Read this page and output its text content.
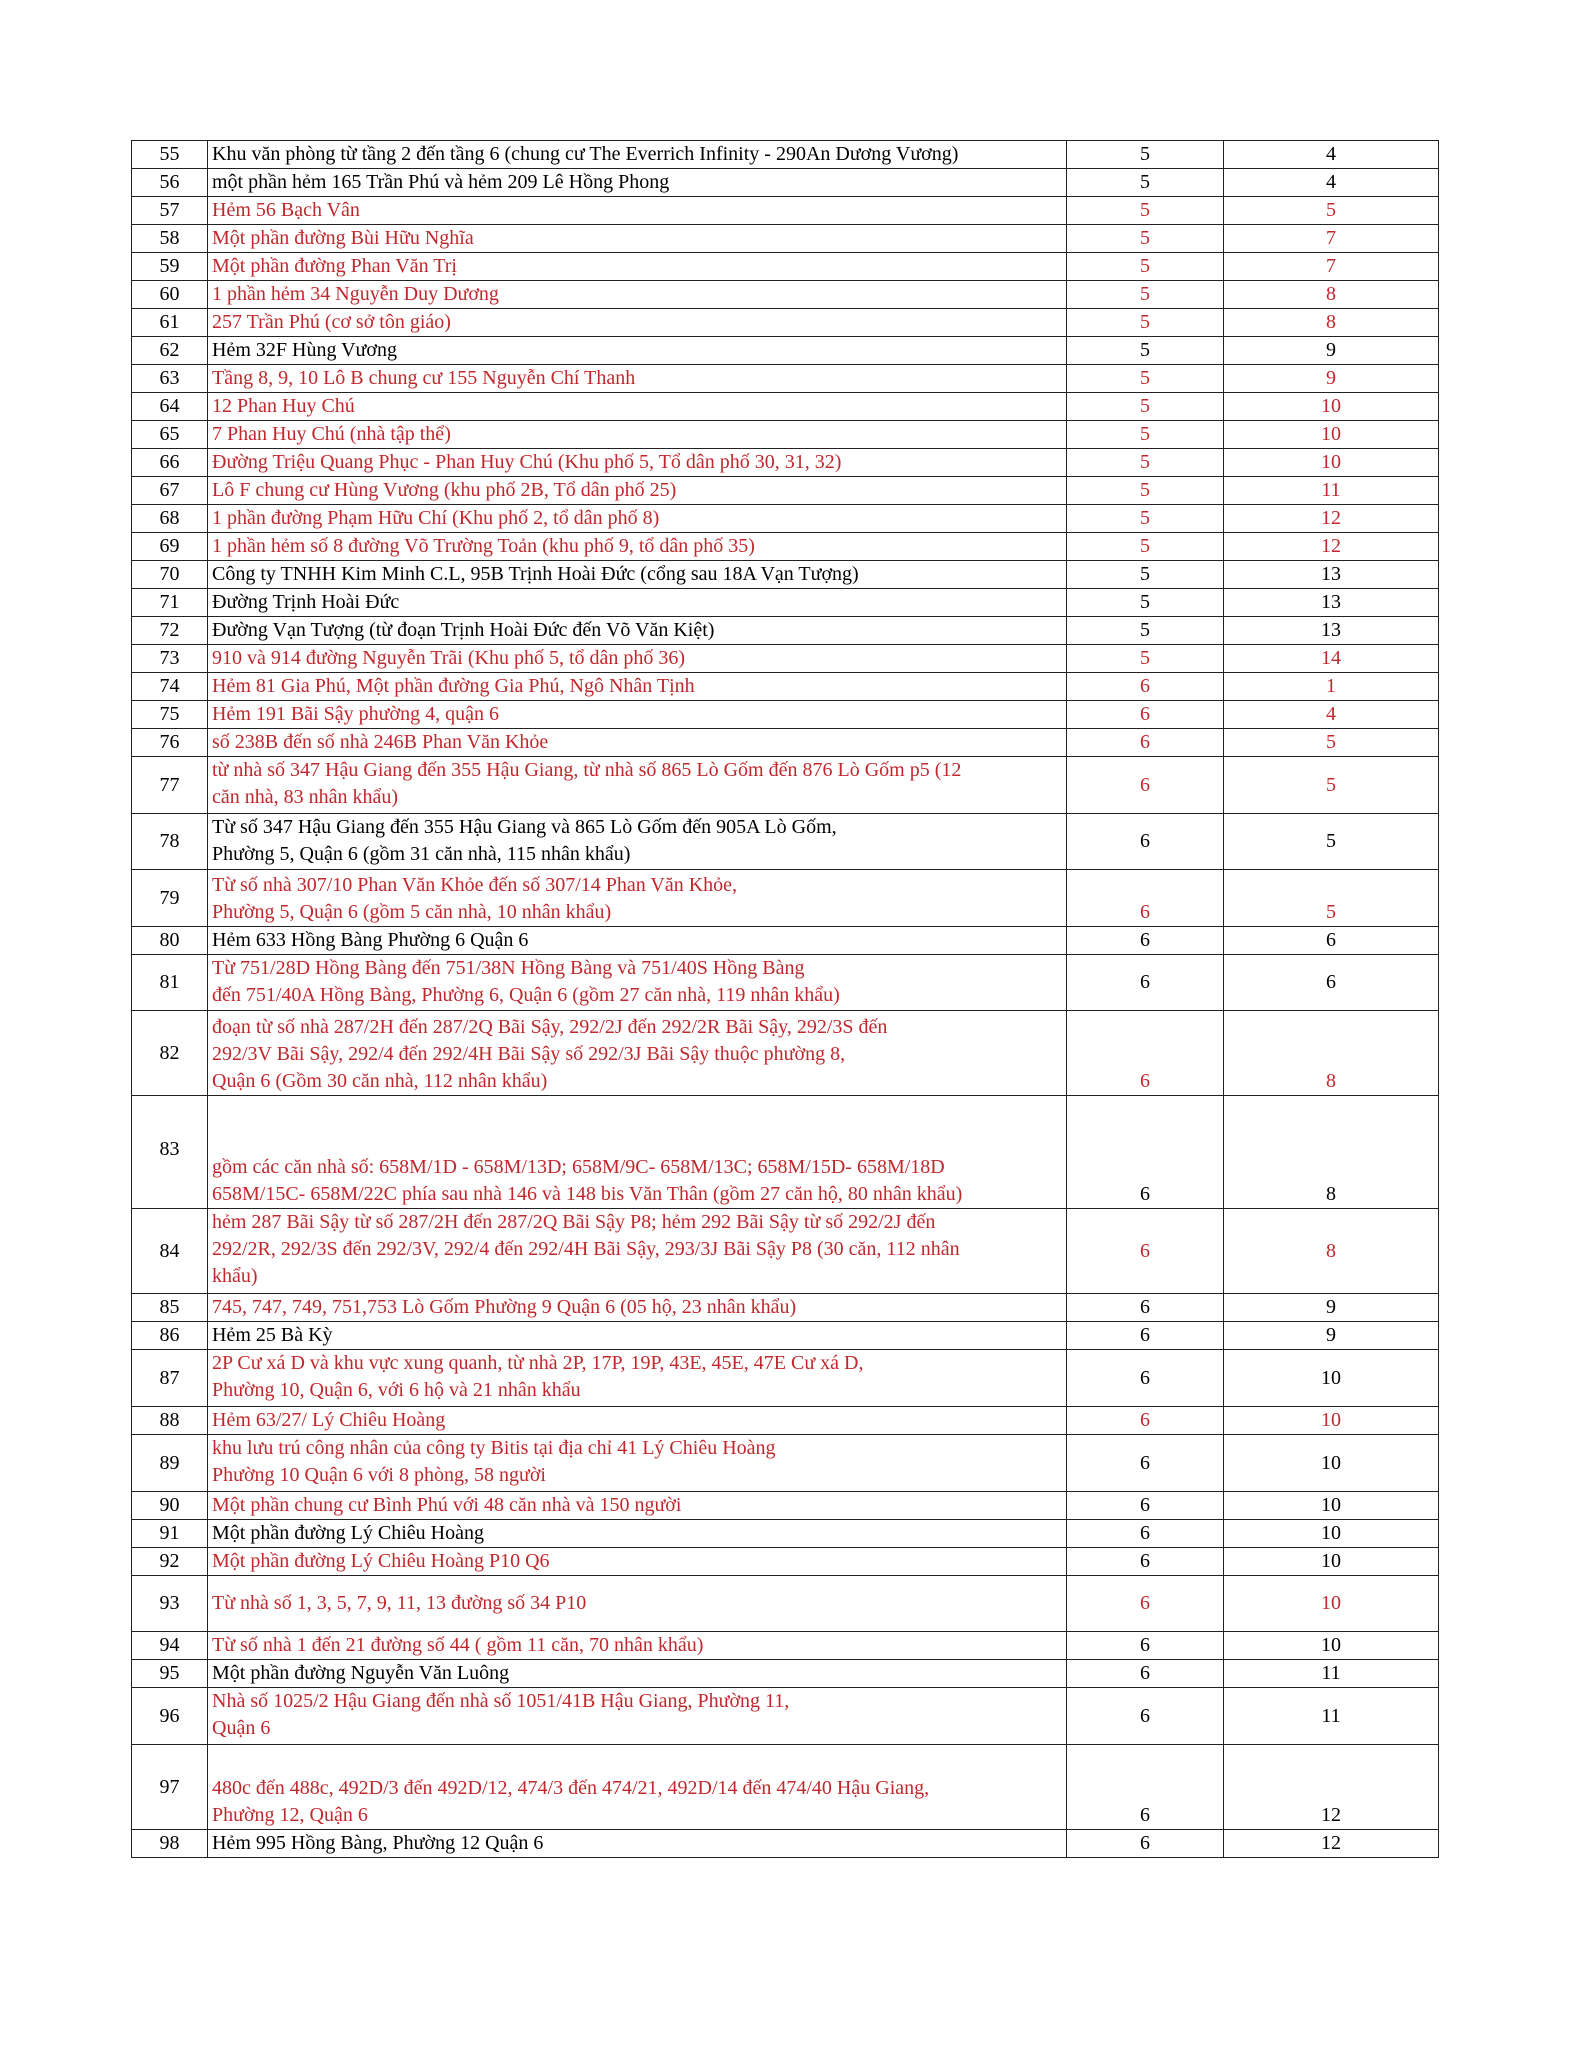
55	Khu văn phòng từ tầng 2 đến tầng 6 (chung cư The Everrich Infinity - 290An Dương Vương)	5	4
56	một phần hẻm 165 Trần Phú và hẻm 209 Lê Hồng Phong	5	4
57	Hẻm 56 Bạch Vân	5	5
58	Một phần đường Bùi Hữu Nghĩa	5	7
59	Một phần đường Phan Văn Trị	5	7
60	1 phần hẻm 34 Nguyễn Duy Dương	5	8
61	257 Trần Phú (cơ sở tôn giáo)	5	8
62	Hẻm 32F Hùng Vương	5	9
63	Tầng 8, 9, 10 Lô B chung cư 155 Nguyễn Chí Thanh	5	9
64	12 Phan Huy Chú	5	10
65	7 Phan Huy Chú (nhà tập thể)	5	10
66	Đường Triệu Quang Phục - Phan Huy Chú (Khu phố 5, Tổ dân phố 30, 31, 32)	5	10
67	Lô F chung cư Hùng Vương (khu phố 2B, Tổ dân phố 25)	5	11
68	1 phần đường Phạm Hữu Chí (Khu phố 2, tổ dân phố 8)	5	12
69	1 phần hẻm số 8 đường Võ Trường Toản (khu phố 9, tổ dân phố 35)	5	12
70	Công ty TNHH Kim Minh C.L, 95B Trịnh Hoài Đức (cổng sau 18A Vạn Tượng)	5	13
71	Đường Trịnh Hoài Đức	5	13
72	Đường Vạn Tượng (từ đoạn Trịnh Hoài Đức đến Võ Văn Kiệt)	5	13
73	910 và 914 đường Nguyễn Trãi (Khu phố 5, tổ dân phố 36)	5	14
74	Hẻm 81 Gia Phú, Một phần đường Gia Phú, Ngô Nhân Tịnh	6	1
75	Hẻm 191 Bãi Sậy phường 4, quận 6	6	4
76	số 238B đến số nhà 246B Phan Văn Khỏe	6	5
77	từ nhà số 347 Hậu Giang đến 355 Hậu Giang, từ nhà số 865 Lò Gốm đến 876 Lò Gốm p5 (12
căn nhà, 83 nhân khẩu)	6	5
78	Từ số 347 Hậu Giang đến 355 Hậu Giang và 865 Lò Gốm đến 905A Lò Gốm,
Phường 5, Quận 6 (gồm 31 căn nhà, 115 nhân khẩu)	6	5
79	Từ số nhà 307/10 Phan Văn Khỏe đến số 307/14 Phan Văn Khỏe,
Phường 5, Quận 6 (gồm 5 căn nhà, 10 nhân khẩu)	6	5
80	Hẻm 633 Hồng Bàng Phường 6 Quận 6	6	6
81	Từ 751/28D Hồng Bàng đến 751/38N Hồng Bàng và 751/40S Hồng Bàng
đến 751/40A Hồng Bàng, Phường 6, Quận 6 (gồm 27 căn nhà, 119 nhân khẩu)	6	6
82	đoạn từ số nhà 287/2H đến 287/2Q Bãi Sậy, 292/2J đến 292/2R Bãi Sậy, 292/3S đến
292/3V Bãi Sậy, 292/4 đến 292/4H Bãi Sậy số 292/3J Bãi Sậy thuộc phường 8,
Quận 6 (Gồm 30 căn nhà, 112 nhân khẩu)	6	8
83	gồm các căn nhà số: 658M/1D - 658M/13D; 658M/9C- 658M/13C; 658M/15D- 658M/18D
658M/15C- 658M/22C phía sau nhà 146 và 148 bis Văn Thân (gồm 27 căn hộ, 80 nhân khẩu)	6	8
84	hẻm 287 Bãi Sậy từ số 287/2H đến 287/2Q Bãi Sậy P8; hẻm 292 Bãi Sậy từ số 292/2J đến
292/2R, 292/3S đến 292/3V, 292/4 đến 292/4H Bãi Sậy, 293/3J Bãi Sậy P8 (30 căn, 112 nhân
khẩu)	6	8
85	745, 747, 749, 751,753 Lò Gốm Phường 9 Quận 6 (05 hộ, 23 nhân khẩu)	6	9
86	Hẻm 25 Bà Kỳ	6	9
87	2P Cư xá D và khu vực xung quanh, từ nhà 2P, 17P, 19P, 43E, 45E, 47E Cư xá D,
Phường 10, Quận 6, với 6 hộ và 21 nhân khẩu	6	10
88	Hẻm 63/27/ Lý Chiêu Hoàng	6	10
89	khu lưu trú công nhân của công ty Bitis tại địa chỉ 41 Lý Chiêu Hoàng
Phường 10 Quận 6 với 8 phòng, 58 người	6	10
90	Một phần chung cư Bình Phú với 48 căn nhà và 150 người	6	10
91	Một phần đường Lý Chiêu Hoàng	6	10
92	Một phần đường Lý Chiêu Hoàng P10 Q6	6	10
93	Từ nhà số 1, 3, 5, 7, 9, 11, 13 đường số 34 P10	6	10
94	Từ số nhà 1 đến 21 đường số 44 ( gồm 11 căn, 70 nhân khẩu)	6	10
95	Một phần đường Nguyễn Văn Luông	6	11
96	Nhà số 1025/2 Hậu Giang đến nhà số 1051/41B Hậu Giang, Phường 11,
Quận 6	6	11
97	480c đến 488c, 492D/3 đến 492D/12, 474/3 đến 474/21, 492D/14 đến 474/40 Hậu Giang,
Phường 12, Quận 6	6	12
98	Hẻm 995 Hồng Bàng, Phường 12 Quận 6	6	12
